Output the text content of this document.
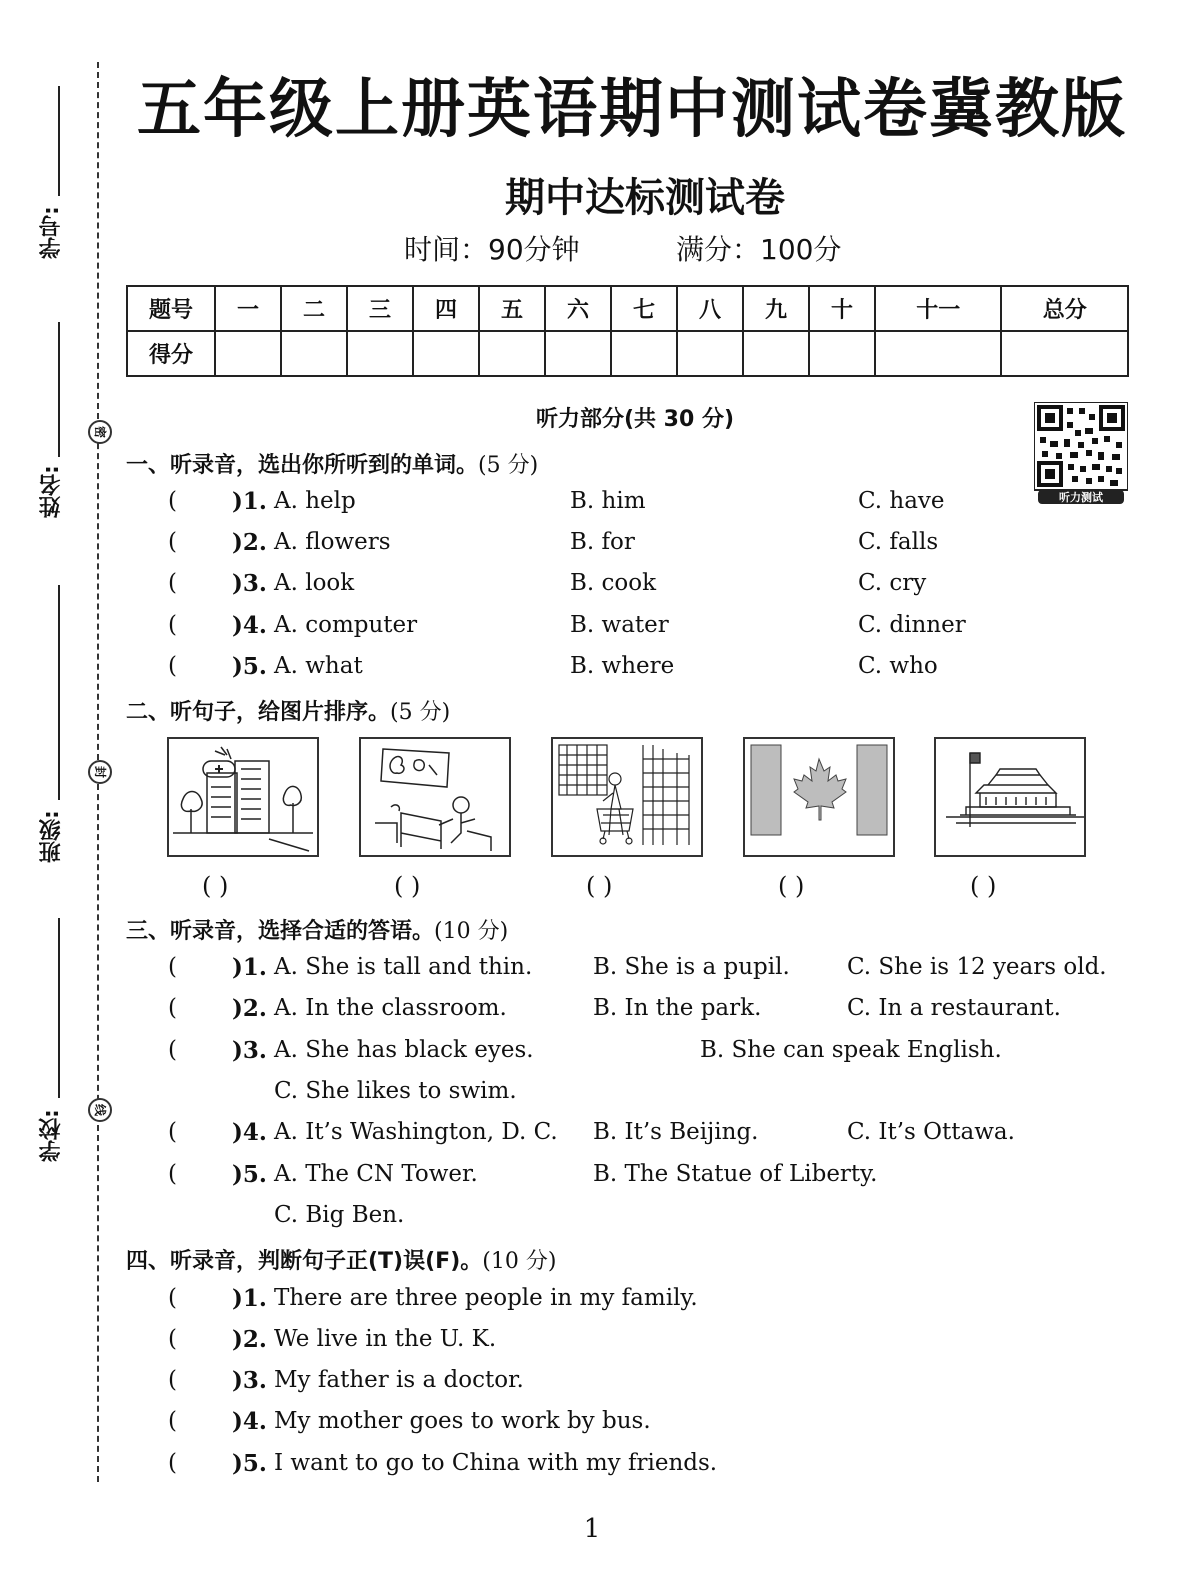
学号:
姓名:
班级:
学校:
密
封
线
五年级上册英语期中测试卷冀教版
期中达标测试卷
时间：90分钟	满分：100分
题号	一	二	三	四	五	六	七	八	九	十	十一	总分
得分												
听力部分(共 30 分)
听力测试
一、听录音，选出你所听到的单词。(5 分)
( )1. A. help	B. him	C. have
( )2. A. flowers	B. for	C. falls
( )3. A. look	B. cook	C. cry
( )4. A. computer	B. water	C. dinner
( )5. A. what	B. where	C. who
二、听句子，给图片排序。(5 分)
( )	( )	( )	( )	( )
三、听录音，选择合适的答语。(10 分)
( )1. A. She is tall and thin.	B. She is a pupil. C. She is 12 years old.
( )2. A. In the classroom.	B. In the park.	C. In a restaurant.
( )3. A. She has black eyes.	B. She can speak English.
C. She likes to swim.
( )4. A. It’s Washington, D. C. B. It’s Beijing.	C. It’s Ottawa.
( )5. A. The CN Tower.	B. The Statue of Liberty.
C. Big Ben.
四、听录音，判断句子正(T)误(F)。(10 分)
( )1. There are three people in my family.
( )2. We live in the U. K.
( )3. My father is a doctor.
( )4. My mother goes to work by bus.
( )5. I want to go to China with my friends.
1
